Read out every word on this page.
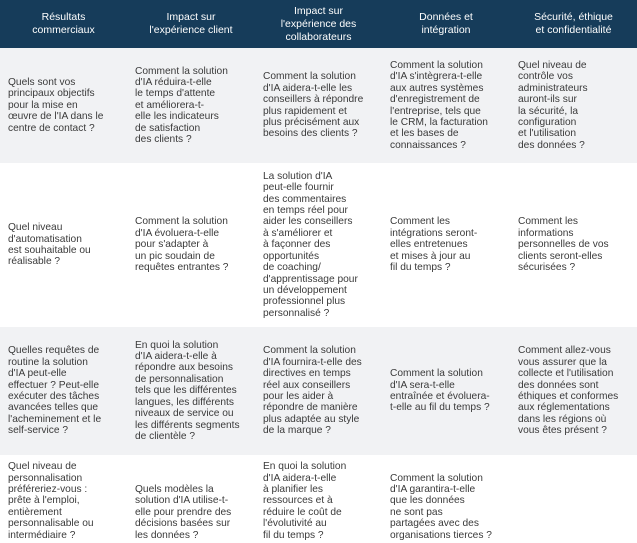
Résultats
commerciaux
Impact sur
l'expérience client
Impact sur
l'expérience des
collaborateurs
Données et
intégration
Sécurité, éthique
et confidentialité
Quels sont vos
principaux objectifs
pour la mise en
œuvre de l'IA dans le
centre de contact ?
Comment la solution
d'IA réduira-t-elle
le temps d'attente
et améliorera-t-
elle les indicateurs
de satisfaction
des clients ?
Comment la solution
d'IA aidera-t-elle les
conseillers à répondre
plus rapidement et
plus précisément aux
besoins des clients ?
Comment la solution
d'IA s'intègrera-t-elle
aux autres systèmes
d'enregistrement de
l'entreprise, tels que
le CRM, la facturation
et les bases de
connaissances ?
Quel niveau de
contrôle vos
administrateurs
auront-ils sur
la sécurité, la
configuration
et l'utilisation
des données ?
Quel niveau
d'automatisation
est souhaitable ou
réalisable ?
Comment la solution
d'IA évoluera-t-elle
pour s'adapter à
un pic soudain de
requêtes entrantes ?
La solution d'IA
peut-elle fournir
des commentaires
en temps réel pour
aider les conseillers
à s'améliorer et
à façonner des
opportunités
de coaching/
d'apprentissage pour
un développement
professionnel plus
personnalisé ?
Comment les
intégrations seront-
elles entretenues
et mises à jour au
fil du temps ?
Comment les
informations
personnelles de vos
clients seront-elles
sécurisées ?
Quelles requêtes de
routine la solution
d'IA peut-elle
effectuer ? Peut-elle
exécuter des tâches
avancées telles que
l'acheminement et le
self-service ?
En quoi la solution
d'IA aidera-t-elle à
répondre aux besoins
de personnalisation
tels que les différentes
langues, les différents
niveaux de service ou
les différents segments
de clientèle ?
Comment la solution
d'IA fournira-t-elle des
directives en temps
réel aux conseillers
pour les aider à
répondre de manière
plus adaptée au style
de la marque ?
Comment la solution
d'IA sera-t-elle
entraînée et évoluera-
t-elle au fil du temps ?
Comment allez-vous
vous assurer que la
collecte et l'utilisation
des données sont
éthiques et conformes
aux réglementations
dans les régions où
vous êtes présent ?
Quel niveau de
personnalisation
préféreriez-vous :
prête à l'emploi,
entièrement
personnalisable ou
intermédiaire ?
Quels modèles la
solution d'IA utilise-t-
elle pour prendre des
décisions basées sur
les données ?
En quoi la solution
d'IA aidera-t-elle
à planifier les
ressources et à
réduire le coût de
l'évolutivité au
fil du temps ?
Comment la solution
d'IA garantira-t-elle
que les données
ne sont pas
partagées avec des
organisations tierces ?
